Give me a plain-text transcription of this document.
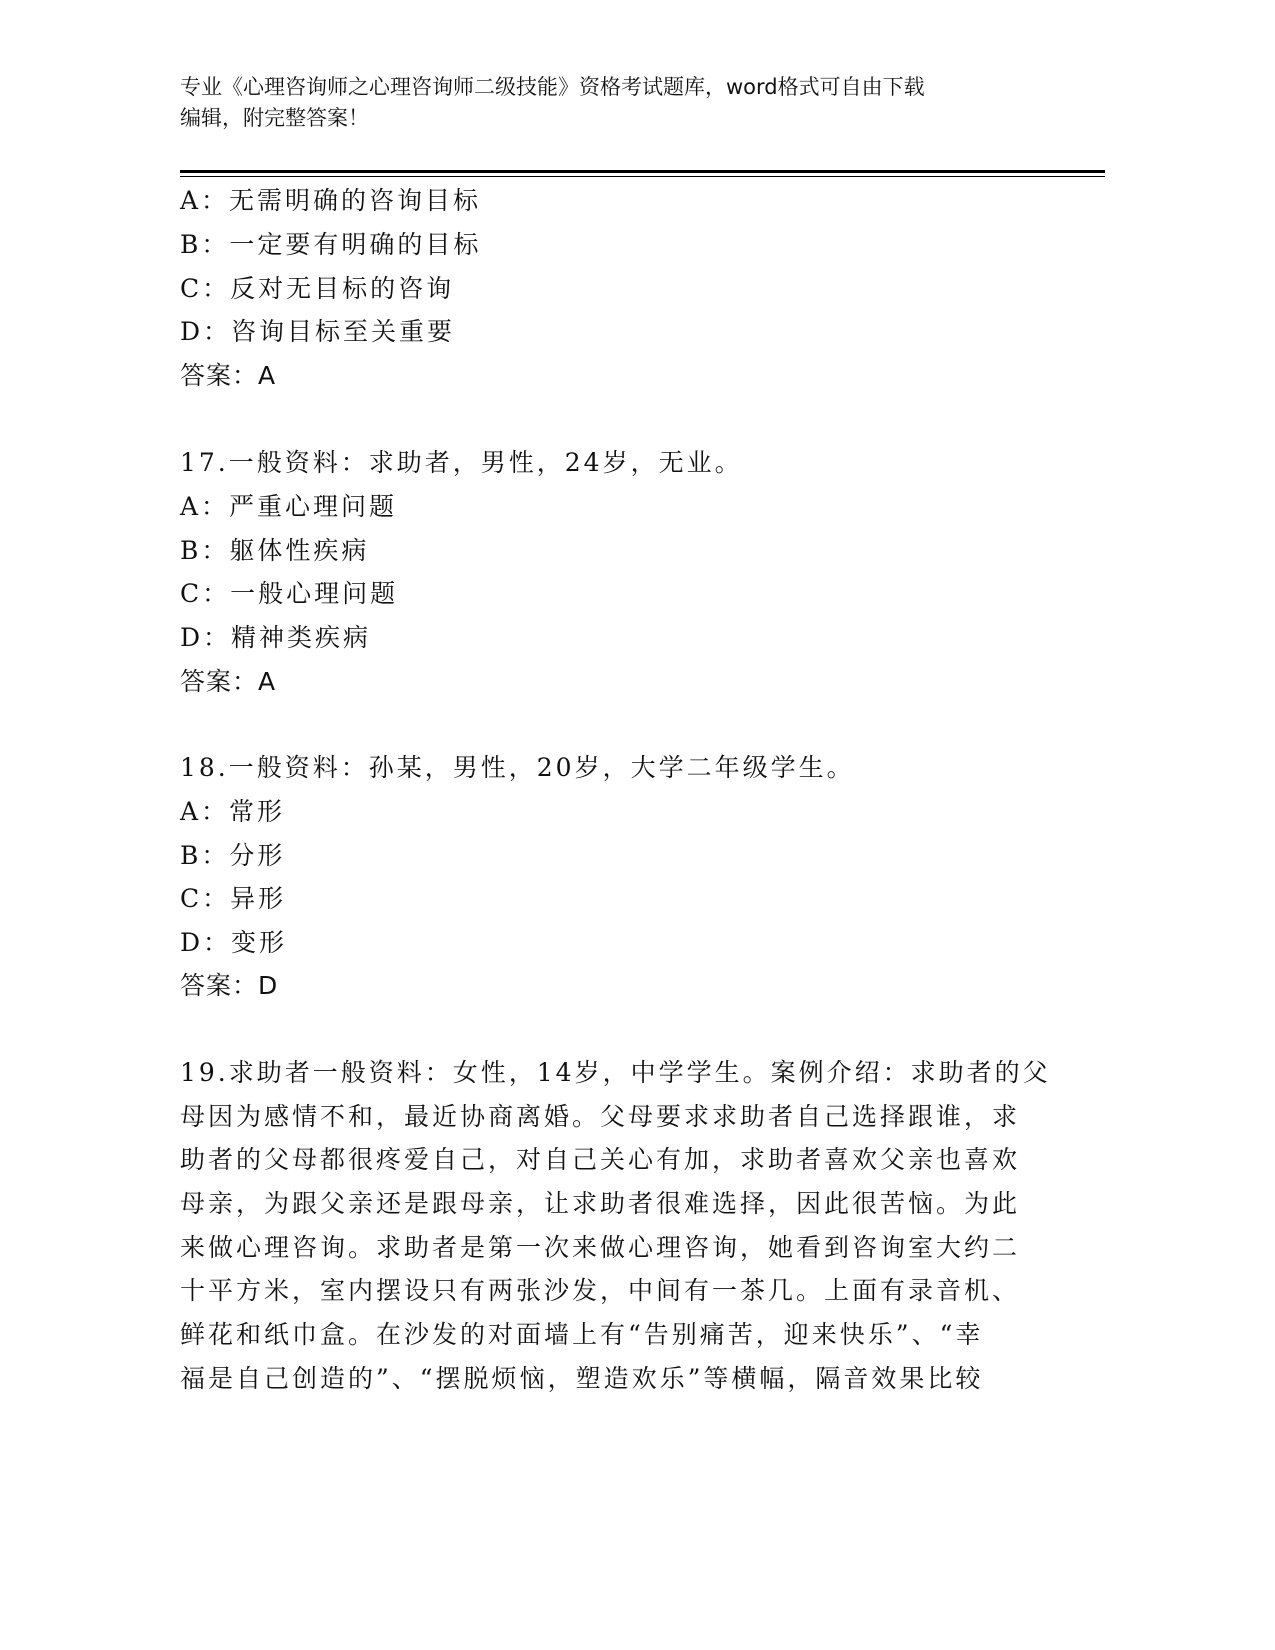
专业《心理咨询师之心理咨询师二级技能》资格考试题库，word格式可自由下载
编辑，附完整答案！
A：无需明确的咨询目标
B：一定要有明确的目标
C：反对无目标的咨询
D：咨询目标至关重要
答案：A
17.一般资料：求助者，男性，24岁，无业。
A：严重心理问题
B：躯体性疾病
C：一般心理问题
D：精神类疾病
答案：A
18.一般资料：孙某，男性，20岁，大学二年级学生。
A：常形
B：分形
C：异形
D：变形
答案：D
19.求助者一般资料：女性，14岁，中学学生。案例介绍：求助者的父
母因为感情不和，最近协商离婚。父母要求求助者自己选择跟谁，求
助者的父母都很疼爱自己，对自己关心有加，求助者喜欢父亲也喜欢
母亲，为跟父亲还是跟母亲，让求助者很难选择，因此很苦恼。为此
来做心理咨询。求助者是第一次来做心理咨询，她看到咨询室大约二
十平方米，室内摆设只有两张沙发，中间有一茶几。上面有录音机、
鲜花和纸巾盒。在沙发的对面墙上有“告别痛苦，迎来快乐”、“幸
福是自己创造的”、“摆脱烦恼，塑造欢乐”等横幅，隔音效果比较
